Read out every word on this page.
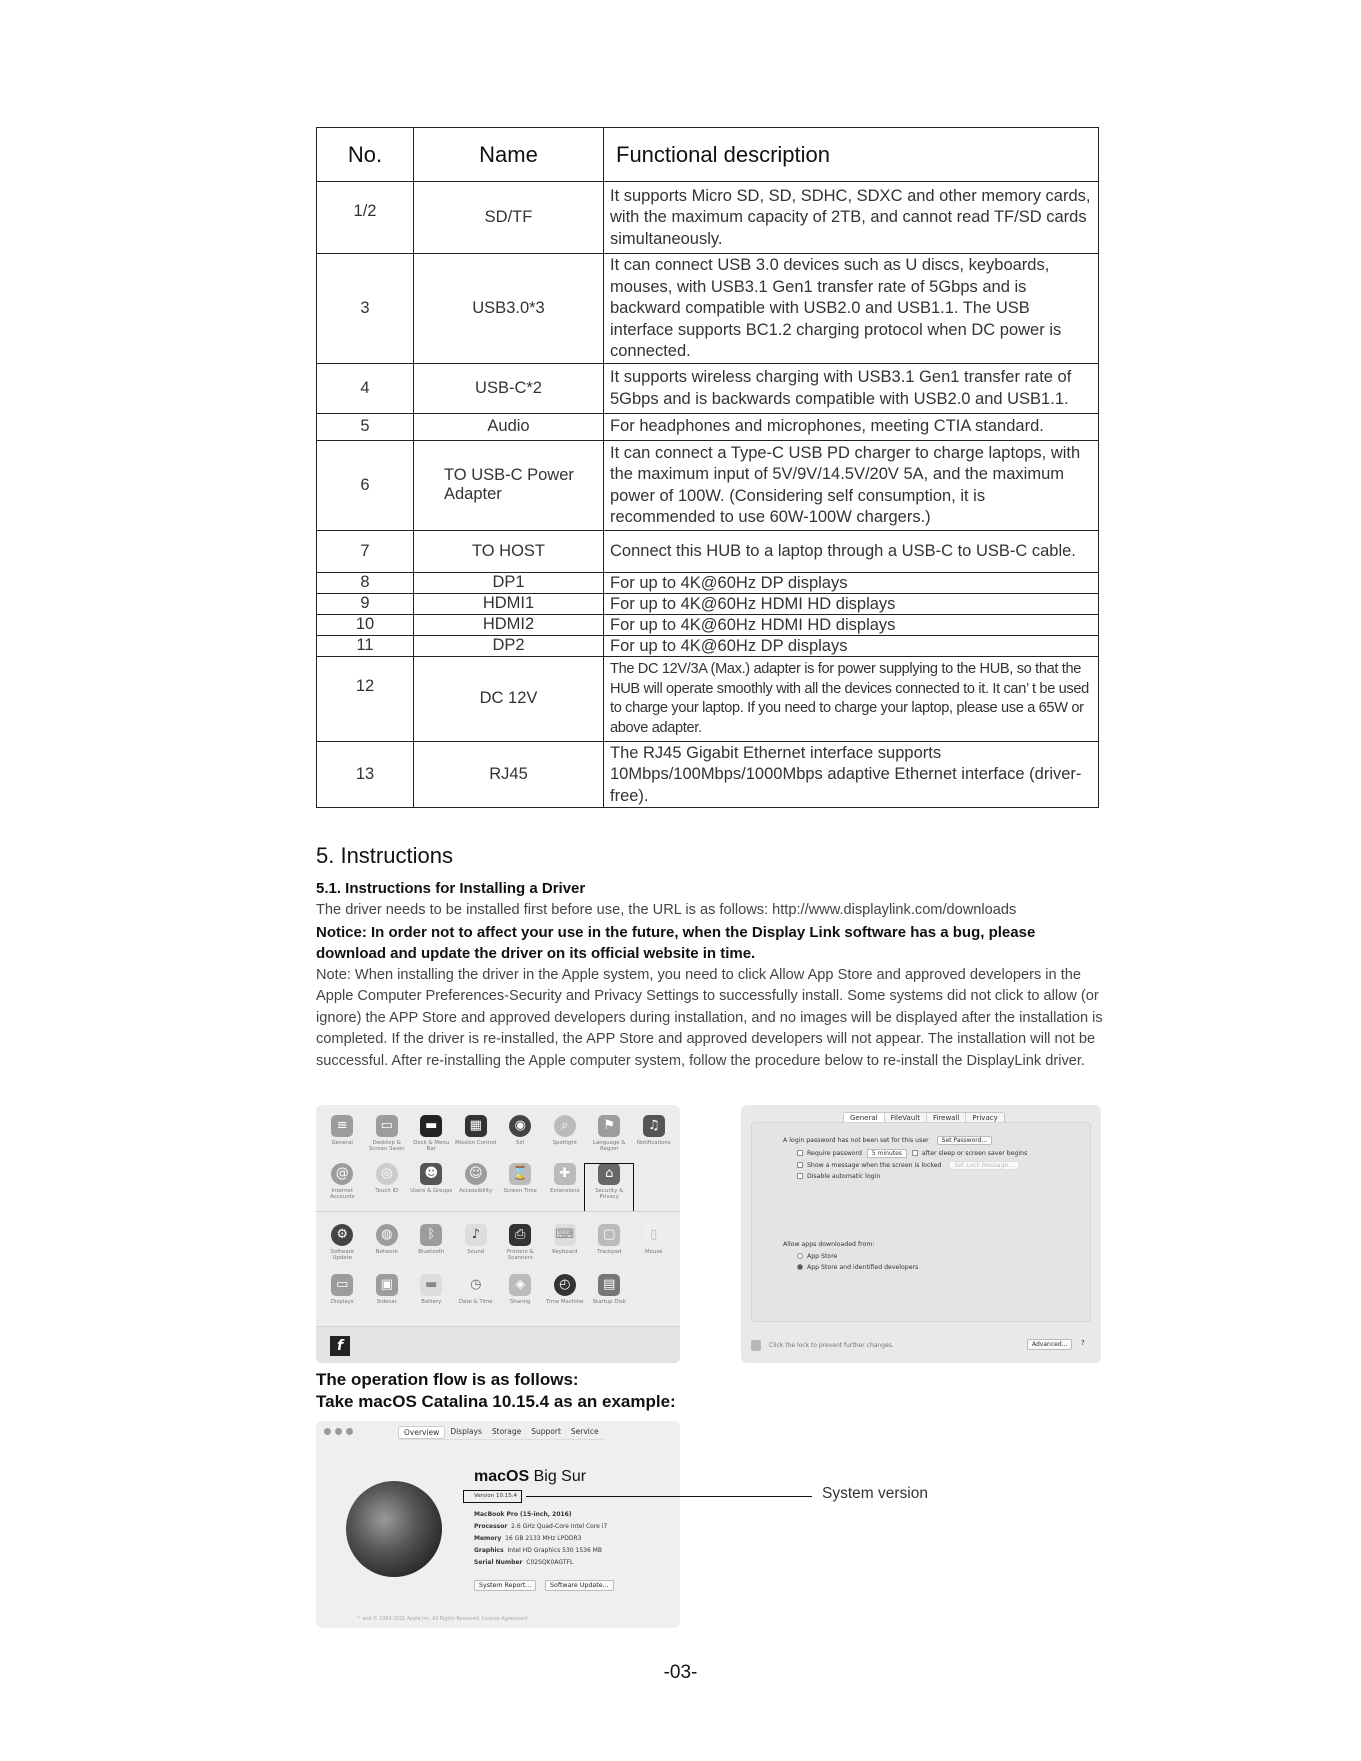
No.	Name	Functional description
1/2	SD/TF	It supports Micro SD, SD, SDHC, SDXC and other memory cards, with the maximum capacity of 2TB, and cannot read TF/SD cards simultaneously.
3	USB3.0*3	It can connect USB 3.0 devices such as U discs, keyboards, mouses, with USB3.1 Gen1 transfer rate of 5Gbps and is backward compatible with USB2.0 and USB1.1. The USB interface supports BC1.2 charging protocol when DC power is connected.
4	USB-C*2	It supports wireless charging with USB3.1 Gen1 transfer rate of 5Gbps and is backwards compatible with USB2.0 and USB1.1.
5	Audio	For headphones and microphones, meeting CTIA standard.
6	TO USB-C Power Adapter	It can connect a Type-C USB PD charger to charge laptops, with the maximum input of 5V/9V/14.5V/20V 5A, and the maximum power of 100W. (Considering self consumption, it is recommended to use 60W-100W chargers.)
7	TO HOST	Connect this HUB to a laptop through a USB-C to USB-C cable.
8	DP1	For up to 4K@60Hz DP displays
9	HDMI1	For up to 4K@60Hz HDMI HD displays
10	HDMI2	For up to 4K@60Hz HDMI HD displays
11	DP2	For up to 4K@60Hz DP displays
12	DC 12V	The DC 12V/3A (Max.) adapter is for power supplying to the HUB, so that the HUB will operate smoothly with all the devices connected to it. It can’ t be used to charge your laptop. If you need to charge your laptop, please use a 65W or above adapter.
13	RJ45	The RJ45 Gigabit Ethernet interface supports 10Mbps/100Mbps/1000Mbps adaptive Ethernet interface (driver-free).
5. Instructions
5.1. Instructions for Installing a Driver
The driver needs to be installed first before use, the URL is as follows: http://www.displaylink.com/downloads
Notice: In order not to affect your use in the future, when the Display Link software has a bug, please download and update the driver on its official website in time.
Note: When installing the driver in the Apple system, you need to click Allow App Store and approved developers in the Apple Computer Preferences-Security and Privacy Settings to successfully install. Some systems did not click to allow (or ignore) the APP Store and approved developers during installation, and no images will be displayed after the installation is completed. If the driver is re-installed, the APP Store and approved developers will not appear. The installation will not be successful. After re-installing the Apple computer system, follow the procedure below to re-install the DisplayLink driver.
≡
General
▭
Desktop & Screen Saver
▬
Dock & Menu Bar
▦
Mission Control
◉
Siri
⌕
Spotlight
⚑
Language & Region
♫
Notifications
@
Internet Accounts
◎
Touch ID
☻
Users & Groups
☺
Accessibility
⌛
Screen Time
✚
Extensions
⌂
Security & Privacy
⚙
Software Update
◍
Network
ᛒ
Bluetooth
♪
Sound
⎙
Printers & Scanners
⌨
Keyboard
▢
Trackpad
▯
Mouse
▭
Displays
▣
Sidecar
▬
Battery
◷
Date & Time
◈
Sharing
◴
Time Machine
▤
Startup Disk
f
General	FileVault	Firewall	Privacy
A login password has not been set for this user Set Password...
Require password 5 minutes	after sleep or screen saver begins
Show a message when the screen is locked Set Lock Message...
Disable automatic login
Allow apps downloaded from:
App Store
App Store and identified developers
Click the lock to prevent further changes.	Advanced...	?
The operation flow is as follows:
Take macOS Catalina 10.15.4 as an example:
Overview	Displays	Storage	Support	Service
macOS Big Sur
Version 10.15.4
MacBook Pro (15-inch, 2016)
Processor 2.6 GHz Quad-Core Intel Core i7
Memory 16 GB 2133 MHz LPDDR3
Graphics Intel HD Graphics 530 1536 MB
Serial Number C02SQK0AGTFL
System Report...	Software Update...
™ and © 1983-2021 Apple Inc. All Rights Reserved. License Agreement
System version
-03-
